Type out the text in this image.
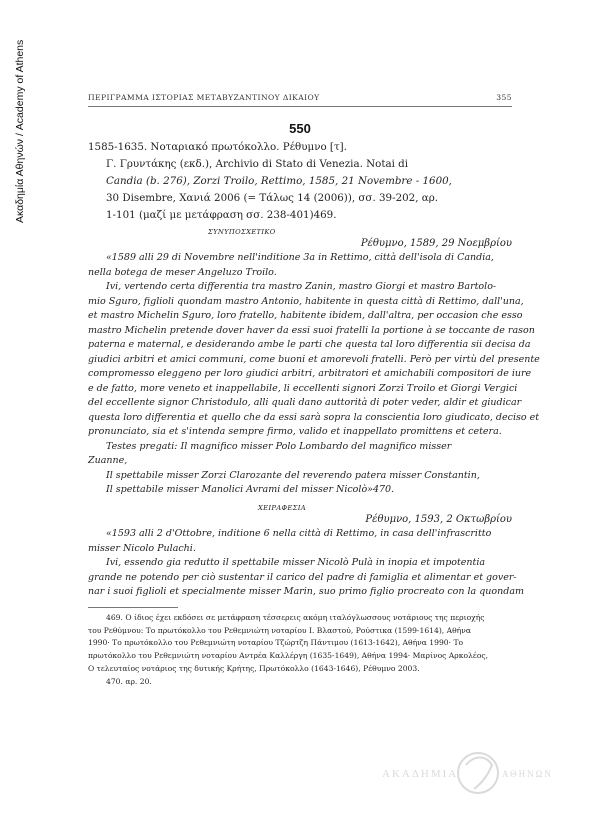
Ακαδημία Αθηνών / Academy of Athens	ΠΕΡΙΓΡΑΜΜΑ ΙΣΤΟΡΙΑΣ ΜΕΤΑΒΥΖΑΝΤΙΝΟΥ ΔΙΚΑΙΟΥ	355
550
1585-1635. Νοταριακό πρωτόκολλο. Ρέθυμνο [τ].
Γ. Γρυντάκης (εκδ.), Archivio di Stato di Venezia. Notai di
Candia (b. 276), Zorzi Troilo, Rettimo, 1585, 21 Novembre - 1600,
30 Disembre, Χανιά 2006 (= Τάλως 14 (2006)), σσ. 39-202, αρ.
1-101 (μαζί με μετάφραση σσ. 238-401)469.
ΣΥΝΥΠΟΣΧΕΤΙΚΟ
Ρέθυμνο, 1589, 29 Νοεμβρίου
«1589 alli 29 di Novembre nell'inditione 3a in Rettimo, città dell'isola di Candia,
nella botega de meser Angeluzo Troilo.
Ivi, vertendo certa differentia tra mastro Zanin, mastro Giorgi et mastro Bartolo-
mio Sguro, figlioli quondam mastro Antonio, habitente in questa città di Rettimo, dall'una,
et mastro Michelin Sguro, loro fratello, habitente ibidem, dall'altra, per occasion che esso
mastro Michelin pretende dover haver da essi suoi fratelli la portione à se toccante de rason
paterna e maternal, e desiderando ambe le parti che questa tal loro differentia sii decisa da
giudici arbitri et amici communi, come buoni et amorevoli fratelli. Però per virtù del presente
compromesso eleggeno per loro giudici arbitri, arbitratori et amichabili compositori de iure
e de fatto, more veneto et inappellabile, li eccellenti signori Zorzi Troilo et Giorgi Vergici
del eccellente signor Christodulo, alli quali dano auttorità di poter veder, aldir et giudicar
questa loro differentia et quello che da essi sarà sopra la conscientia loro giudicato, deciso et
pronunciato, sia et s'intenda sempre firmo, valido et inappellato promittens et cetera.
Testes pregati: Il magnifico misser Polo Lombardo del magnifico misser
Zuanne,
Il spettabile misser Zorzi Clarozante del reverendo patera misser Constantin,
Il spettabile misser Manolici Avrami del misser Nicolò»470.
ΧΕΙΡΑΦΕΣΙΑ
Ρέθυμνο, 1593, 2 Οκτωβρίου
«1593 alli 2 d'Ottobre, inditione 6 nella città di Rettimo, in casa dell'infrascritto
misser Nicolo Pulachi.
Ivi, essendo gia redutto il spettabile misser Nicolò Pulà in inopia et impotentia
grande ne potendo per ciò sustentar il carico del padre di famiglia et alimentar et gover-
nar i suoi figlioli et specialmente misser Marin, suo primo figlio procreato con la quondam
469. Ο ίδιος έχει εκδόσει σε μετάφραση τέσσερεις ακόμη ιταλόγλωσσους νοτάριους της περιοχής
του Ρεθύμνου: Το πρωτόκολλο του Ρεθεμνιώτη νοταρίου Ι. Βλαστού, Ρούστικα (1599-1614), Αθήνα
1990· Το πρωτόκολλο του Ρεθεμνιώτη νοταρίου Τζώρτζη Πάντιμου (1613-1642), Αθήνα 1990· Το
πρωτόκολλο του Ρεθεμνιώτη νοταρίου Αντρέα Καλλέργη (1635-1649), Αθήνα 1994· Μαρίνος Αρκολέος,
Ο τελευταίος νοτάριος της δυτικής Κρήτης, Πρωτόκολλο (1643-1646), Ρέθυμνο 2003.
470. αρ. 20.
ΑΚΑΔΗΜΙΑ	ΑΘΗΝΩΝ
